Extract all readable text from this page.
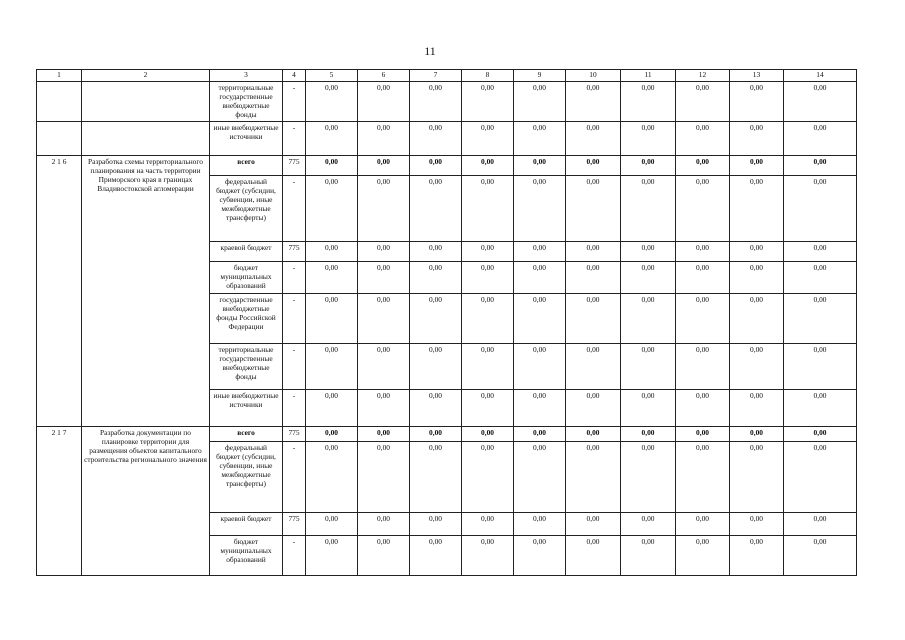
11
1	2	3	4	5	6	7	8	9	10	11	12	13	14
		территориальные государственные внебюджетные фонды	-	0,00	0,00	0,00	0,00	0,00	0,00	0,00	0,00	0,00	0,00
		иные внебюджетные источники	-	0,00	0,00	0,00	0,00	0,00	0,00	0,00	0,00	0,00	0,00
2 1 6	Разработка схемы территориального планирования на часть территории Приморского края в границах Владивостокской агломерации	всего	775	0,00	0,00	0,00	0,00	0,00	0,00	0,00	0,00	0,00	0,00
		федеральный бюджет (субсидии, субвенции, иные межбюджетные трансферты)	-	0,00	0,00	0,00	0,00	0,00	0,00	0,00	0,00	0,00	0,00
		краевой бюджет	775	0,00	0,00	0,00	0,00	0,00	0,00	0,00	0,00	0,00	0,00
		бюджет муниципальных образований	-	0,00	0,00	0,00	0,00	0,00	0,00	0,00	0,00	0,00	0,00
		государственные внебюджетные фонды Российской Федерации	-	0,00	0,00	0,00	0,00	0,00	0,00	0,00	0,00	0,00	0,00
		территориальные государственные внебюджетные фонды	-	0,00	0,00	0,00	0,00	0,00	0,00	0,00	0,00	0,00	0,00
		иные внебюджетные источники	-	0,00	0,00	0,00	0,00	0,00	0,00	0,00	0,00	0,00	0,00
2 1 7	Разработка документации по планировке территории для размещения объектов капитального строительства регионального значения	всего	775	0,00	0,00	0,00	0,00	0,00	0,00	0,00	0,00	0,00	0,00
		федеральный бюджет (субсидии, субвенции, иные межбюджетные трансферты)	-	0,00	0,00	0,00	0,00	0,00	0,00	0,00	0,00	0,00	0,00
		краевой бюджет	775	0,00	0,00	0,00	0,00	0,00	0,00	0,00	0,00	0,00	0,00
		бюджет муниципальных образований	-	0,00	0,00	0,00	0,00	0,00	0,00	0,00	0,00	0,00	0,00
